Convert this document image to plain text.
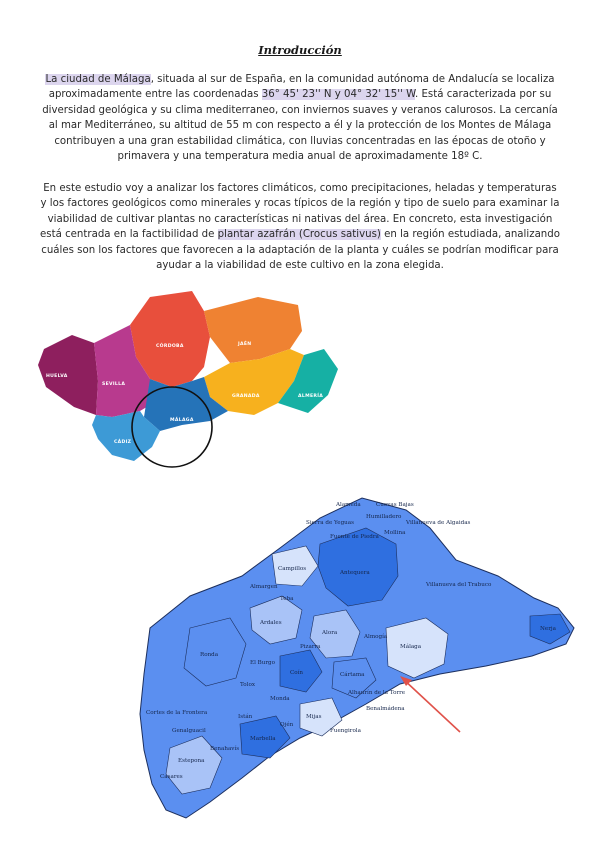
Introducción
La ciudad de Málaga, situada al sur de España, en la comunidad autónoma de Andalucía se localiza aproximadamente entre las coordenadas 36° 45' 23'' N y 04° 32' 15'' W. Está caracterizada por su diversidad geológica y su clima mediterraneo, con inviernos suaves y veranos calurosos. La cercanía al mar Mediterráneo, su altitud de 55 m con respecto a él y la protección de los Montes de Málaga contribuyen a una gran estabilidad climática, con lluvias concentradas en las épocas de otoño y primavera y una temperatura media anual de aproximadamente 18º C.
En este estudio voy a analizar los factores climáticos, como precipitaciones, heladas y temperaturas y los factores geológicos como minerales y rocas típicos de la región y tipo de suelo para examinar la viabilidad de cultivar plantas no características ni nativas del área. En concreto, esta investigación está centrada en la factibilidad de plantar azafrán (Crocus sativus) en la región estudiada, analizando cuáles son los factores que favorecen a la adaptación de la planta y cuáles se podrían modificar para ayudar a la viabilidad de este cultivo en la zona elegida.
HUELVA
SEVILLA
CÓRDOBA	JAÉN
GRANADA	ALMERÍA
MÁLAGA
CÁDIZ
Alameda
Sierra de Yeguas
Fuente de Piedra
Humilladero
Mollina
Villanueva de Algaidas
Cuevas Bajas
Campillos
Antequera
Villanueva del Trabuco
Almargen
Teba
Ardales
Alora
Almogía
Ronda
El Burgo
Pizarra
Cártama
Málaga
Nerja
Coín
Tolox
Monda
Alhaurín de la Torre
Benalmádena
Mijas
Fuengirola
Casares
Estepona
Cortes de la Frontera
Genalguacil
Benahavís
Marbella
Istán
Ojén
